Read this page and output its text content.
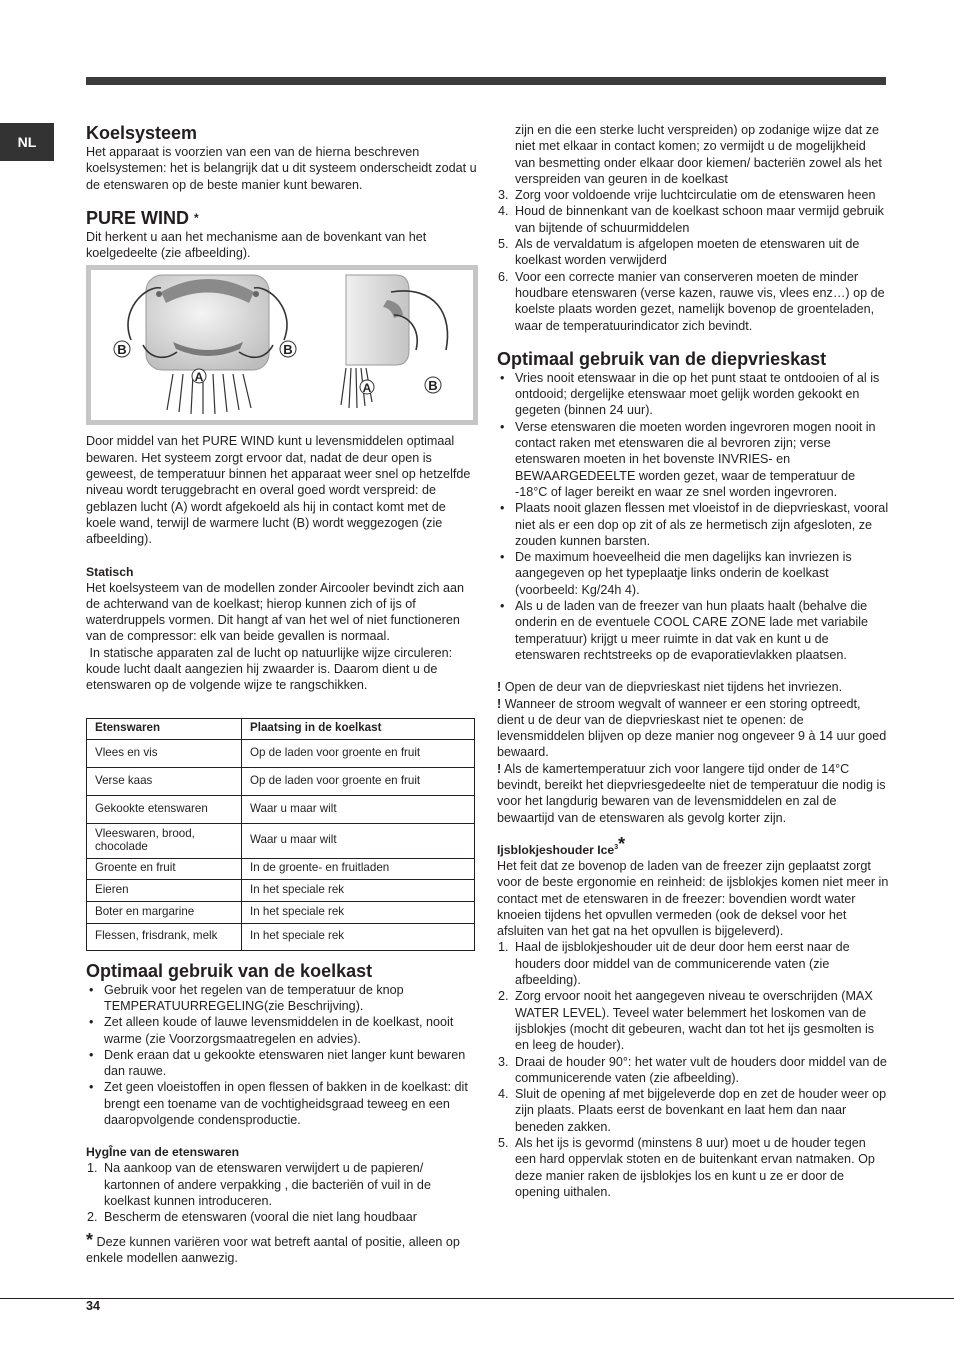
NL	Koelsysteem

Het apparaat is voorzien van een van de hierna beschreven koelsystemen: het is belangrijk dat u dit systeem onderscheidt zodat u de etenswaren op de beste manier kunt bewaren.

PURE WIND *

Dit herkent u aan het mechanisme aan de bovenkant van het koelgedeelte (zie afbeelding).

B	B
A
B
A

Door middel van het PURE WIND kunt u levensmiddelen optimaal bewaren. Het systeem zorgt ervoor dat, nadat de deur open is geweest, de temperatuur binnen het apparaat weer snel op hetzelfde niveau wordt teruggebracht en overal goed wordt verspreid: de geblazen lucht (A) wordt afgekoeld als hij in contact komt met de koele wand, terwijl de warmere lucht (B) wordt weggezogen (zie afbeelding).

Statisch

Het koelsysteem van de modellen zonder Aircooler bevindt zich aan de achterwand van de koelkast; hierop kunnen zich of ijs of waterdruppels vormen. Dit hangt af van het wel of niet functioneren van de compressor: elk van beide gevallen is normaal.

In statische apparaten zal de lucht op natuurlijke wijze circuleren: koude lucht daalt aangezien hij zwaarder is. Daarom dient u de etenswaren op de volgende wijze te rangschikken.

Etenswaren	Plaatsing in de koelkast
Vlees en vis	Op de laden voor groente en fruit
Verse kaas	Op de laden voor groente en fruit
Gekookte etenswaren	Waar u maar wilt
Vleeswaren, brood, chocolade	Waar u maar wilt
Groente en fruit	In de groente- en fruitladen
Eieren	In het speciale rek
Boter en margarine	In het speciale rek
Flessen, frisdrank, melk	In het speciale rek
Optimaal gebruik van de koelkast
• Gebruik voor het regelen van de temperatuur de knop TEMPERATUURREGELING(zie Beschrijving).
• Zet alleen koude of lauwe levensmiddelen in de koelkast, nooit warme (zie Voorzorgsmaatregelen en advies).
• Denk eraan dat u gekookte etenswaren niet langer kunt bewaren dan rauwe.
• Zet geen vloeistoffen in open flessen of bakken in de koelkast: dit brengt een toename van de vochtigheidsgraad teweeg en een daaropvolgende condensproductie.
HygÎne van de etenswaren
1. Na aankoop van de etenswaren verwijdert u de papieren/ kartonnen of andere verpakking , die bacteriën of vuil in de koelkast kunnen introduceren.
2. Bescherm de etenswaren (vooral die niet lang houdbaar

* Deze kunnen variëren voor wat betreft aantal of positie, alleen op enkele modellen aanwezig.

zijn en die een sterke lucht verspreiden) op zodanige wijze dat ze niet met elkaar in contact komen; zo vermijdt u de mogelijkheid van besmetting onder elkaar door kiemen/ bacteriën zowel als het verspreiden van geuren in de koelkast

3. Zorg voor voldoende vrije luchtcirculatie om de etenswaren heen
4. Houd de binnenkant van de koelkast schoon maar vermijd gebruik van bijtende of schuurmiddelen
5. Als de vervaldatum is afgelopen moeten de etenswaren uit de koelkast worden verwijderd
6. Voor een correcte manier van conserveren moeten de minder houdbare etenswaren (verse kazen, rauwe vis, vlees enz…) op de koelste plaats worden gezet, namelijk bovenop de groenteladen, waar de temperatuurindicator zich bevindt.
Optimaal gebruik van de diepvrieskast
• Vries nooit etenswaar in die op het punt staat te ontdooien of al is ontdooid; dergelijke etenswaar moet gelijk worden gekookt en gegeten (binnen 24 uur).
• Verse etenswaren die moeten worden ingevroren mogen nooit in contact raken met etenswaren die al bevroren zijn; verse etenswaren moeten in het bovenste INVRIES- en BEWAARGEDEELTE worden gezet, waar de temperatuur de -18°C of lager bereikt en waar ze snel worden ingevroren.
• Plaats nooit glazen flessen met vloeistof in de diepvrieskast, vooral niet als er een dop op zit of als ze hermetisch zijn afgesloten, ze zouden kunnen barsten.
• De maximum hoeveelheid die men dagelijks kan invriezen is aangegeven op het typeplaatje links onderin de koelkast (voorbeeld: Kg/24h 4).
• Als u de laden van de freezer van hun plaats haalt (behalve die onderin en de eventuele COOL CARE ZONE lade met variabile temperatuur) krijgt u meer ruimte in dat vak en kunt u de etenswaren rechtstreeks op de evaporatievlakken plaatsen.

! Open de deur van de diepvrieskast niet tijdens het invriezen.

! Wanneer de stroom wegvalt of wanneer er een storing optreedt, dient u de deur van de diepvrieskast niet te openen: de levensmiddelen blijven op deze manier nog ongeveer 9 à 14 uur goed bewaard.

! Als de kamertemperatuur zich voor langere tijd onder de 14°C bevindt, bereikt het diepvriesgedeelte niet de temperatuur die nodig is voor het langdurig bewaren van de levensmiddelen en zal de bewaartijd van de etenswaren als gevolg korter zijn.

Ijsblokjeshouder Ice$^3$*

Het feit dat ze bovenop de laden van de freezer zijn geplaatst zorgt voor de beste ergonomie en reinheid: de ijsblokjes komen niet meer in contact met de etenswaren in de freezer: bovendien wordt water knoeien tijdens het opvullen vermeden (ook de deksel voor het afsluiten van het gat na het opvullen is bijgeleverd).

1. Haal de ijsblokjeshouder uit de deur door hem eerst naar de houders door middel van de communicerende vaten (zie afbeelding).
2. Zorg ervoor nooit het aangegeven niveau te overschrijden (MAX WATER LEVEL). Teveel water belemmert het loskomen van de ijsblokjes (mocht dit gebeuren, wacht dan tot het ijs gesmolten is en leeg de houder).
3. Draai de houder 90°: het water vult de houders door middel van de communicerende vaten (zie afbeelding).
4. Sluit de opening af met bijgeleverde dop en zet de houder weer op zijn plaats. Plaats eerst de bovenkant en laat hem dan naar beneden zakken.
5. Als het ijs is gevormd (minstens 8 uur) moet u de houder tegen een hard oppervlak stoten en de buitenkant ervan natmaken. Op deze manier raken de ijsblokjes los en kunt u ze er door de opening uithalen.
34
